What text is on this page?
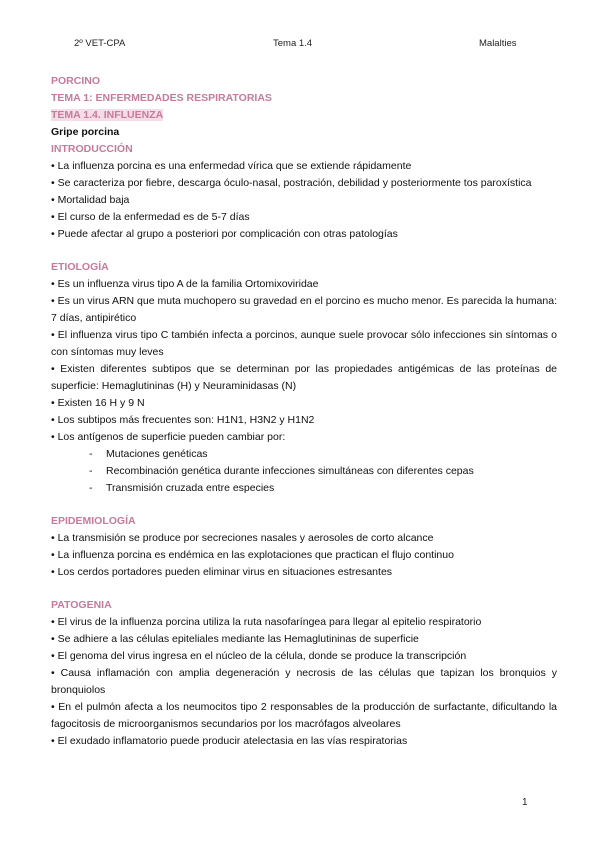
2º VET-CPA	Tema 1.4	Malalties
PORCINO
TEMA 1: ENFERMEDADES RESPIRATORIAS
TEMA 1.4. INFLUENZA
Gripe porcina
INTRODUCCIÓN
• La influenza porcina es una enfermedad vírica que se extiende rápidamente
• Se caracteriza por fiebre, descarga óculo-nasal, postración, debilidad y posteriormente tos paroxística
• Mortalidad baja
• El curso de la enfermedad es de 5-7 días
• Puede afectar al grupo a posteriori por complicación con otras patologías
ETIOLOGÍA
• Es un influenza virus tipo A de la familia Ortomixoviridae
• Es un virus ARN que muta muchopero su gravedad en el porcino es mucho menor. Es parecida la humana: 7 días, antipirético
• El influenza virus tipo C también infecta a porcinos, aunque suele provocar sólo infecciones sin síntomas o con síntomas muy leves
• Existen diferentes subtipos que se determinan por las propiedades antigémicas de las proteínas de superficie: Hemaglutininas (H) y Neuraminidasas (N)
• Existen 16 H y 9 N
• Los subtipos más frecuentes son: H1N1, H3N2 y H1N2
• Los antígenos de superficie pueden cambiar por:
- Mutaciones genéticas
- Recombinación genética durante infecciones simultáneas con diferentes cepas
- Transmisión cruzada entre especies
EPIDEMIOLOGÍA
• La transmisión se produce por secreciones nasales y aerosoles de corto alcance
• La influenza porcina es endémica en las explotaciones que practican el flujo continuo
• Los cerdos portadores pueden eliminar virus en situaciones estresantes
PATOGENIA
• El virus de la influenza porcina utiliza la ruta nasofaríngea para llegar al epitelio respiratorio
• Se adhiere a las células epiteliales mediante las Hemaglutininas de superficie
• El genoma del virus ingresa en el núcleo de la célula, donde se produce la transcripción
• Causa inflamación con amplia degeneración y necrosis de las células que tapizan los bronquios y bronquiolos
• En el pulmón afecta a los neumocitos tipo 2 responsables de la producción de surfactante, dificultando la fagocitosis de microorganismos secundarios por los macrófagos alveolares
• El exudado inflamatorio puede producir atelectasia en las vías respiratorias
1
